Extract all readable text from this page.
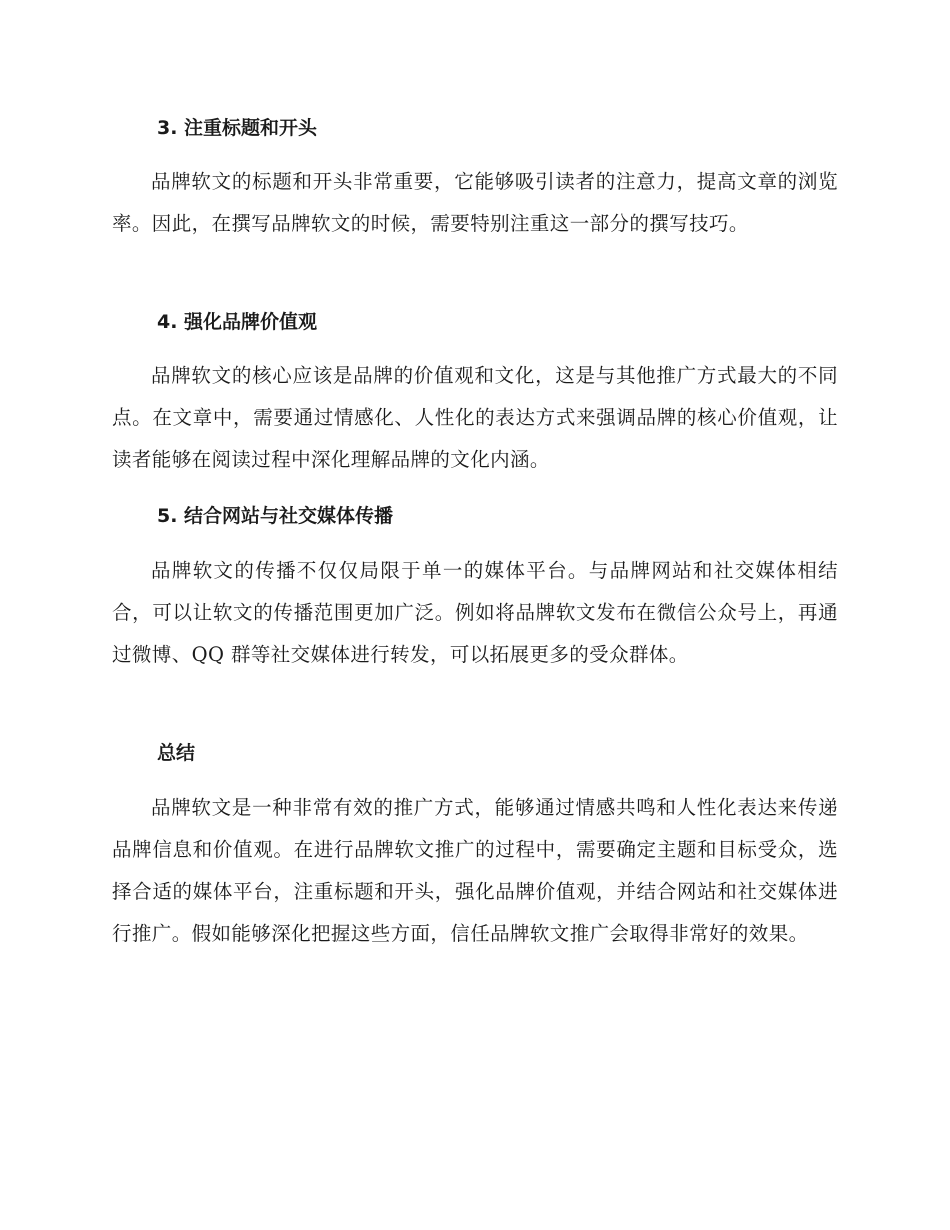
3. 注重标题和开头

品牌软文的标题和开头非常重要，它能够吸引读者的注意力，提高文章的浏览率。因此，在撰写品牌软文的时候，需要特别注重这一部分的撰写技巧。

4. 强化品牌价值观

品牌软文的核心应该是品牌的价值观和文化，这是与其他推广方式最大的不同点。在文章中，需要通过情感化、人性化的表达方式来强调品牌的核心价值观，让读者能够在阅读过程中深化理解品牌的文化内涵。

5. 结合网站与社交媒体传播

品牌软文的传播不仅仅局限于单一的媒体平台。与品牌网站和社交媒体相结合，可以让软文的传播范围更加广泛。例如将品牌软文发布在微信公众号上，再通过微博、QQ 群等社交媒体进行转发，可以拓展更多的受众群体。

总结

品牌软文是一种非常有效的推广方式，能够通过情感共鸣和人性化表达来传递品牌信息和价值观。在进行品牌软文推广的过程中，需要确定主题和目标受众，选择合适的媒体平台，注重标题和开头，强化品牌价值观，并结合网站和社交媒体进行推广。假如能够深化把握这些方面，信任品牌软文推广会取得非常好的效果。
